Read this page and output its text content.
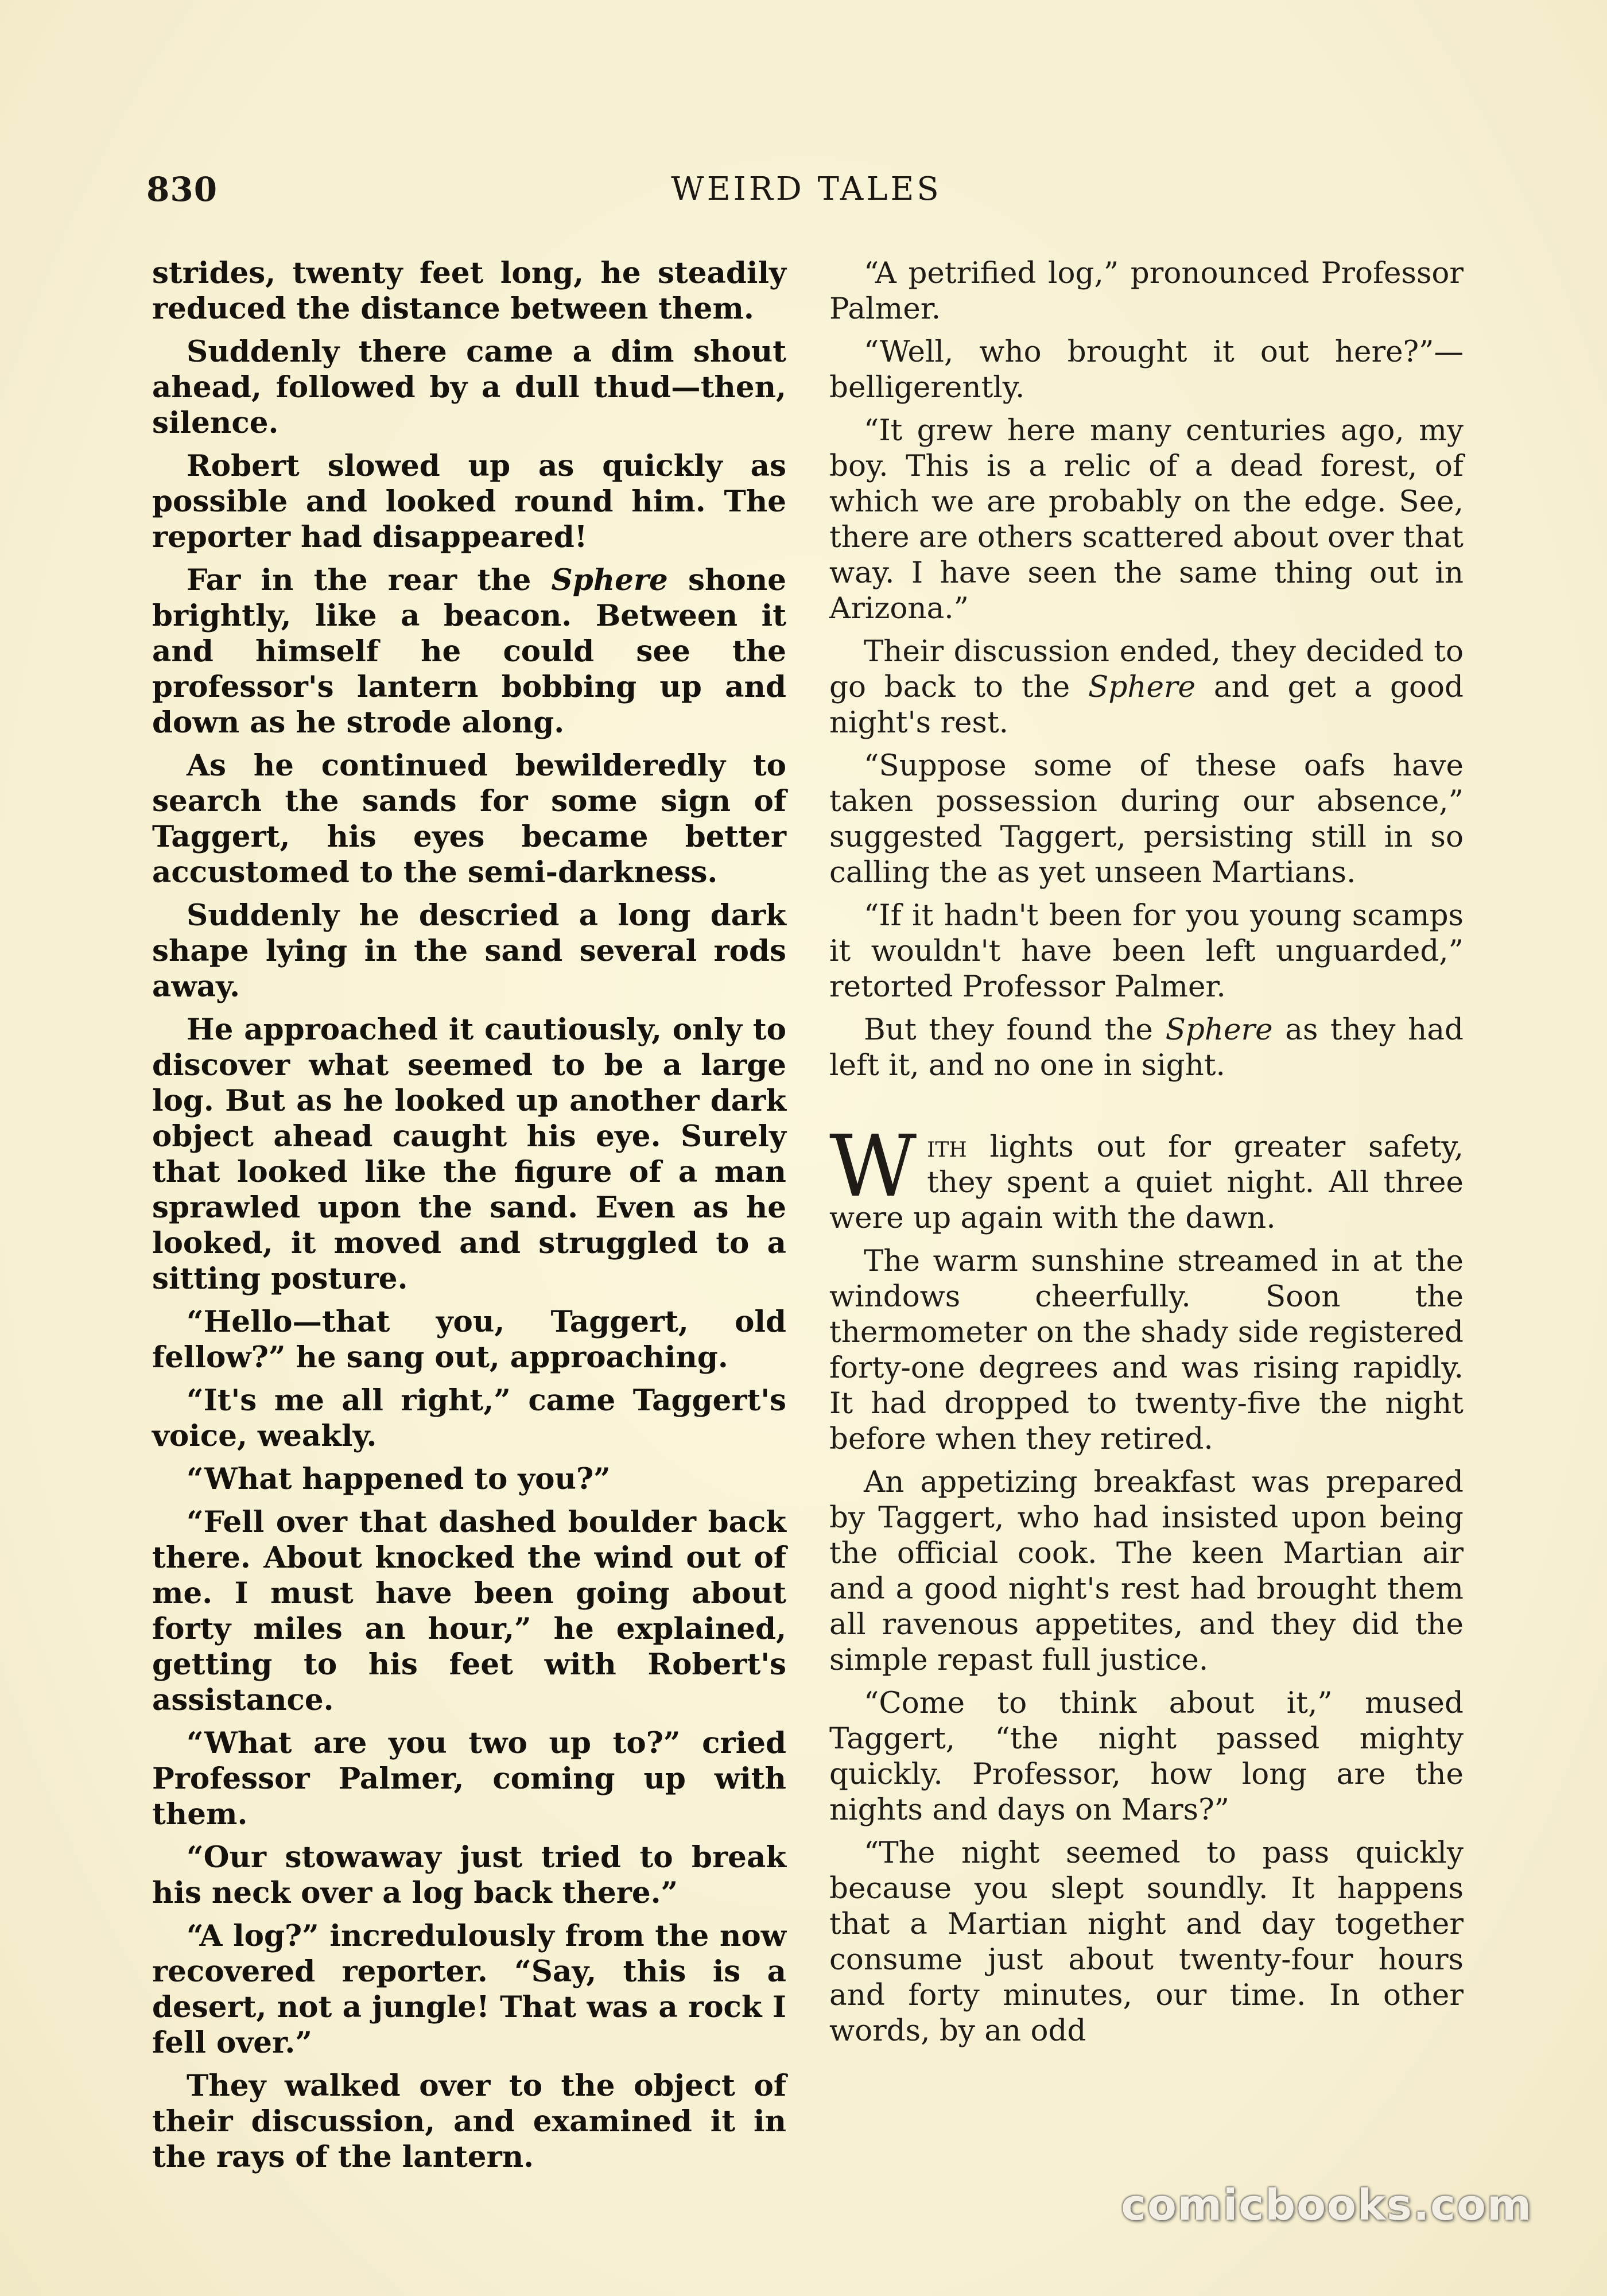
830	WEIRD TALES

strides, twenty feet long, he steadily reduced the distance between them.

Suddenly there came a dim shout ahead, followed by a dull thud—then, silence.

Robert slowed up as quickly as possible and looked round him. The reporter had disappeared!

Far in the rear the Sphere shone brightly, like a beacon. Between it and himself he could see the professor's lantern bobbing up and down as he strode along.

As he continued bewilderedly to search the sands for some sign of Taggert, his eyes became better accustomed to the semi-darkness.

Suddenly he descried a long dark shape lying in the sand several rods away.

He approached it cautiously, only to discover what seemed to be a large log. But as he looked up another dark object ahead caught his eye. Surely that looked like the figure of a man sprawled upon the sand. Even as he looked, it moved and struggled to a sitting posture.

“Hello—that you, Taggert, old fellow?” he sang out, approaching.

“It's me all right,” came Taggert's voice, weakly.

“What happened to you?”

“Fell over that dashed boulder back there. About knocked the wind out of me. I must have been going about forty miles an hour,” he explained, getting to his feet with Robert's assistance.

“What are you two up to?” cried Professor Palmer, coming up with them.

“Our stowaway just tried to break his neck over a log back there.”

“A log?” incredulously from the now recovered reporter. “Say, this is a desert, not a jungle! That was a rock I fell over.”

They walked over to the object of their discussion, and examined it in the rays of the lantern.

“A petrified log,” pronounced Professor Palmer.

“Well, who brought it out here?”—belligerently.

“It grew here many centuries ago, my boy. This is a relic of a dead forest, of which we are probably on the edge. See, there are others scattered about over that way. I have seen the same thing out in Arizona.”

Their discussion ended, they decided to go back to the Sphere and get a good night's rest.

“Suppose some of these oafs have taken possession during our absence,” suggested Taggert, persisting still in so calling the as yet unseen Martians.

“If it hadn't been for you young scamps it wouldn't have been left unguarded,” retorted Professor Palmer.

But they found the Sphere as they had left it, and no one in sight.

With lights out for greater safety, they spent a quiet night. All three were up again with the dawn.

The warm sunshine streamed in at the windows cheerfully. Soon the thermometer on the shady side registered forty-one degrees and was rising rapidly. It had dropped to twenty-five the night before when they retired.

An appetizing breakfast was prepared by Taggert, who had insisted upon being the official cook. The keen Martian air and a good night's rest had brought them all ravenous appetites, and they did the simple repast full justice.

“Come to think about it,” mused Taggert, “the night passed mighty quickly. Professor, how long are the nights and days on Mars?”

“The night seemed to pass quickly because you slept soundly. It happens that a Martian night and day together consume just about twenty-four hours and forty minutes, our time. In other words, by an odd

comicbooks.com
